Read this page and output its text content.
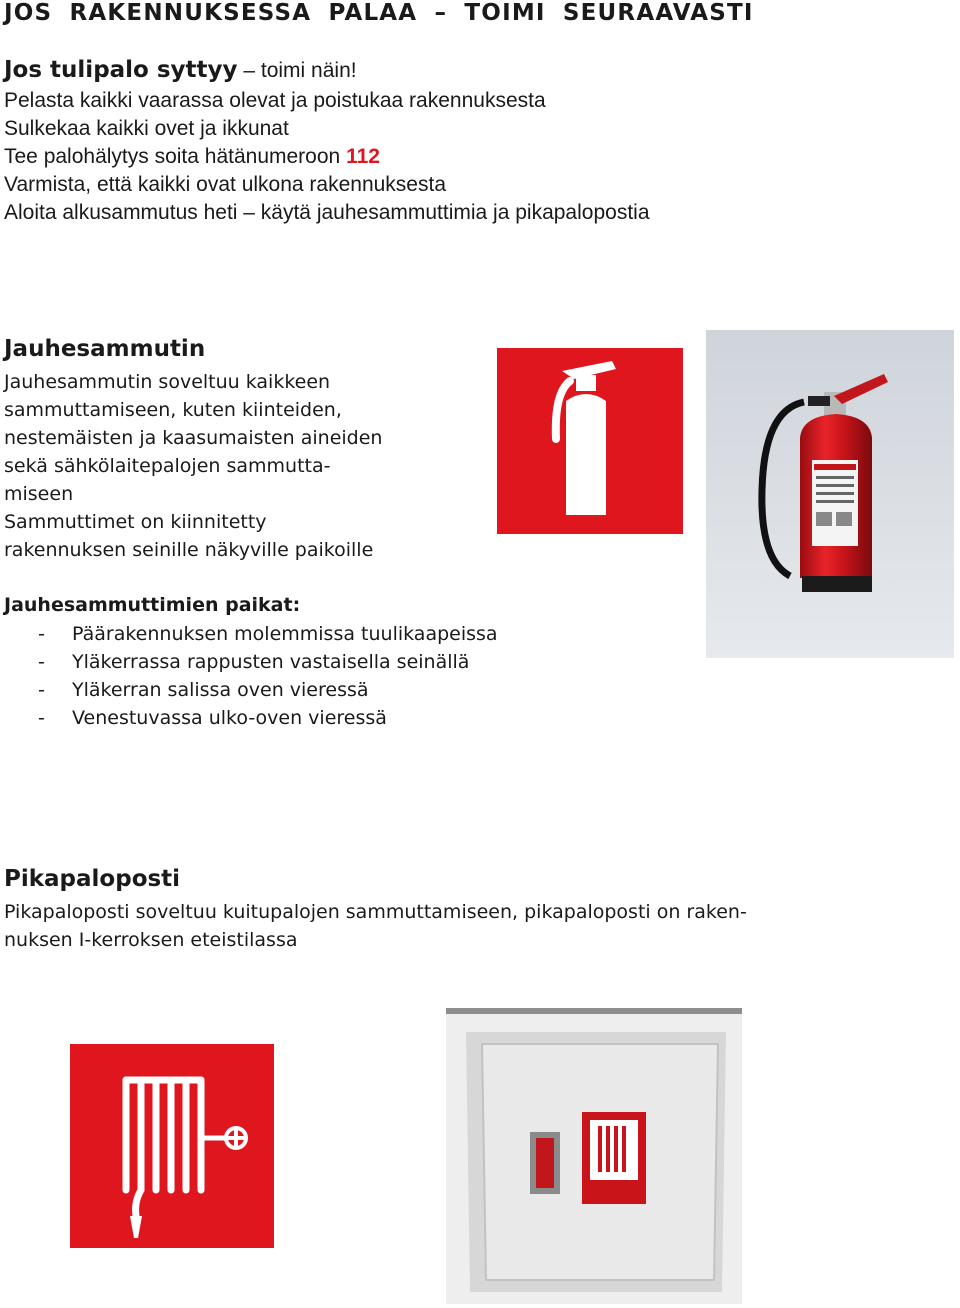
JOS RAKENNUKSESSA PALAA – TOIMI SEURAAVASTI
Jos tulipalo syttyy – toimi näin!
Pelasta kaikki vaarassa olevat ja poistukaa rakennuksesta
Sulkekaa kaikki ovet ja ikkunat
Tee palohälytys soita hätänumeroon 112
Varmista, että kaikki ovat ulkona rakennuksesta
Aloita alkusammutus heti – käytä jauhesammuttimia ja pikapalopostia
Jauhesammutin
Jauhesammutin soveltuu kaikkeen
sammuttamiseen, kuten kiinteiden,
nestemäisten ja kaasumaisten aineiden
sekä sähkölaitepalojen sammutta-
miseen
Sammuttimet on kiinnitetty
rakennuksen seinille näkyville paikoille
Jauhesammuttimien paikat:
- Päärakennuksen molemmissa tuulikaapeissa
- Yläkerrassa rappusten vastaisella seinällä
- Yläkerran salissa oven vieressä
- Venestuvassa ulko-oven vieressä
Pikapaloposti
Pikapaloposti soveltuu kuitupalojen sammuttamiseen, pikapaloposti on raken-
nuksen I-kerroksen eteistilassa
